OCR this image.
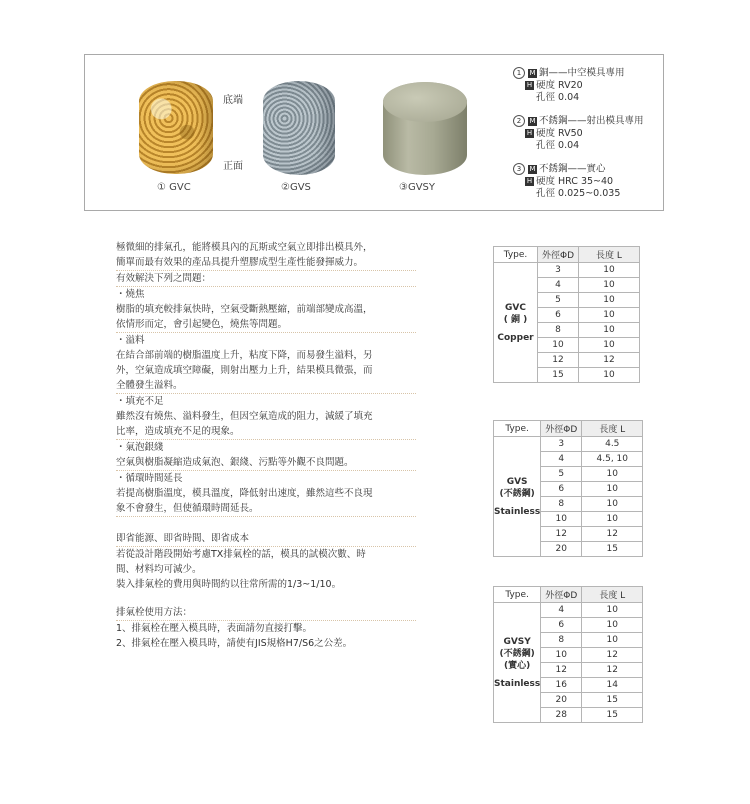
底端
正面
① GVC	②GVS	③GVSY
1 M 銅——中空模具專用
H 硬度 RV20
孔徑 0.04
2 M 不銹鋼——射出模具專用
H 硬度 RV50
孔徑 0.04
3 M 不銹鋼——實心
H 硬度 HRC 35~40
孔徑 0.025~0.035
極微細的排氣孔，能將模具內的瓦斯或空氣立即排出模具外，
簡單而最有效果的產品具提升塑膠成型生產性能發揮威力。
有效解決下列之問題：
・燒焦
樹脂的填充較排氣快時，空氣受斷熱壓縮，前端部變成高溫，
依情形而定，會引起變色，燒焦等問題。
・溢料
在結合部前端的樹脂溫度上升，粘度下降，而易發生溢料，另
外，空氣造成填空障礙，則射出壓力上升，結果模具微張，而
全體發生溢料。
・填充不足
雖然沒有燒焦、溢料發生，但因空氣造成的阻力，減緩了填充
比率，造成填充不足的現象。
・氣泡銀綫
空氣與樹脂凝縮造成氣泡、銀綫、污點等外觀不良問題。
・循環時間延長
若提高樹脂溫度，模具溫度，降低射出速度，雖然這些不良現
象不會發生，但使循環時間延長。
即省能源、即省時間、即省成本
若從設計階段開始考慮TX排氣栓的話，模具的試模次數、時
間、材料均可減少。
裝入排氣栓的費用與時間約以往常所需的1/3~1/10。
排氣栓使用方法：
1、排氣栓在壓入模具時，表面請勿直接打擊。
2、排氣栓在壓入模具時，請使有JIS規格H7/S6之公差。
Type.	外徑ΦD	長度 L

GVC
( 銅 )
Copper	3	10
	4	10
	5	10
	6	10
	8	10
	10	10
	12	12
	15	10
Type.	外徑ΦD	長度 L

GVS
(不銹鋼)
Stainless	3	4.5
	4	4.5, 10
	5	10
	6	10
	8	10
	10	10
	12	12
	20	15
Type.	外徑ΦD	長度 L

GVSY
(不銹鋼)
(實心)
Stainless	4	10
	6	10
	8	10
	10	12
	12	12
	16	14
	20	15
	28	15
